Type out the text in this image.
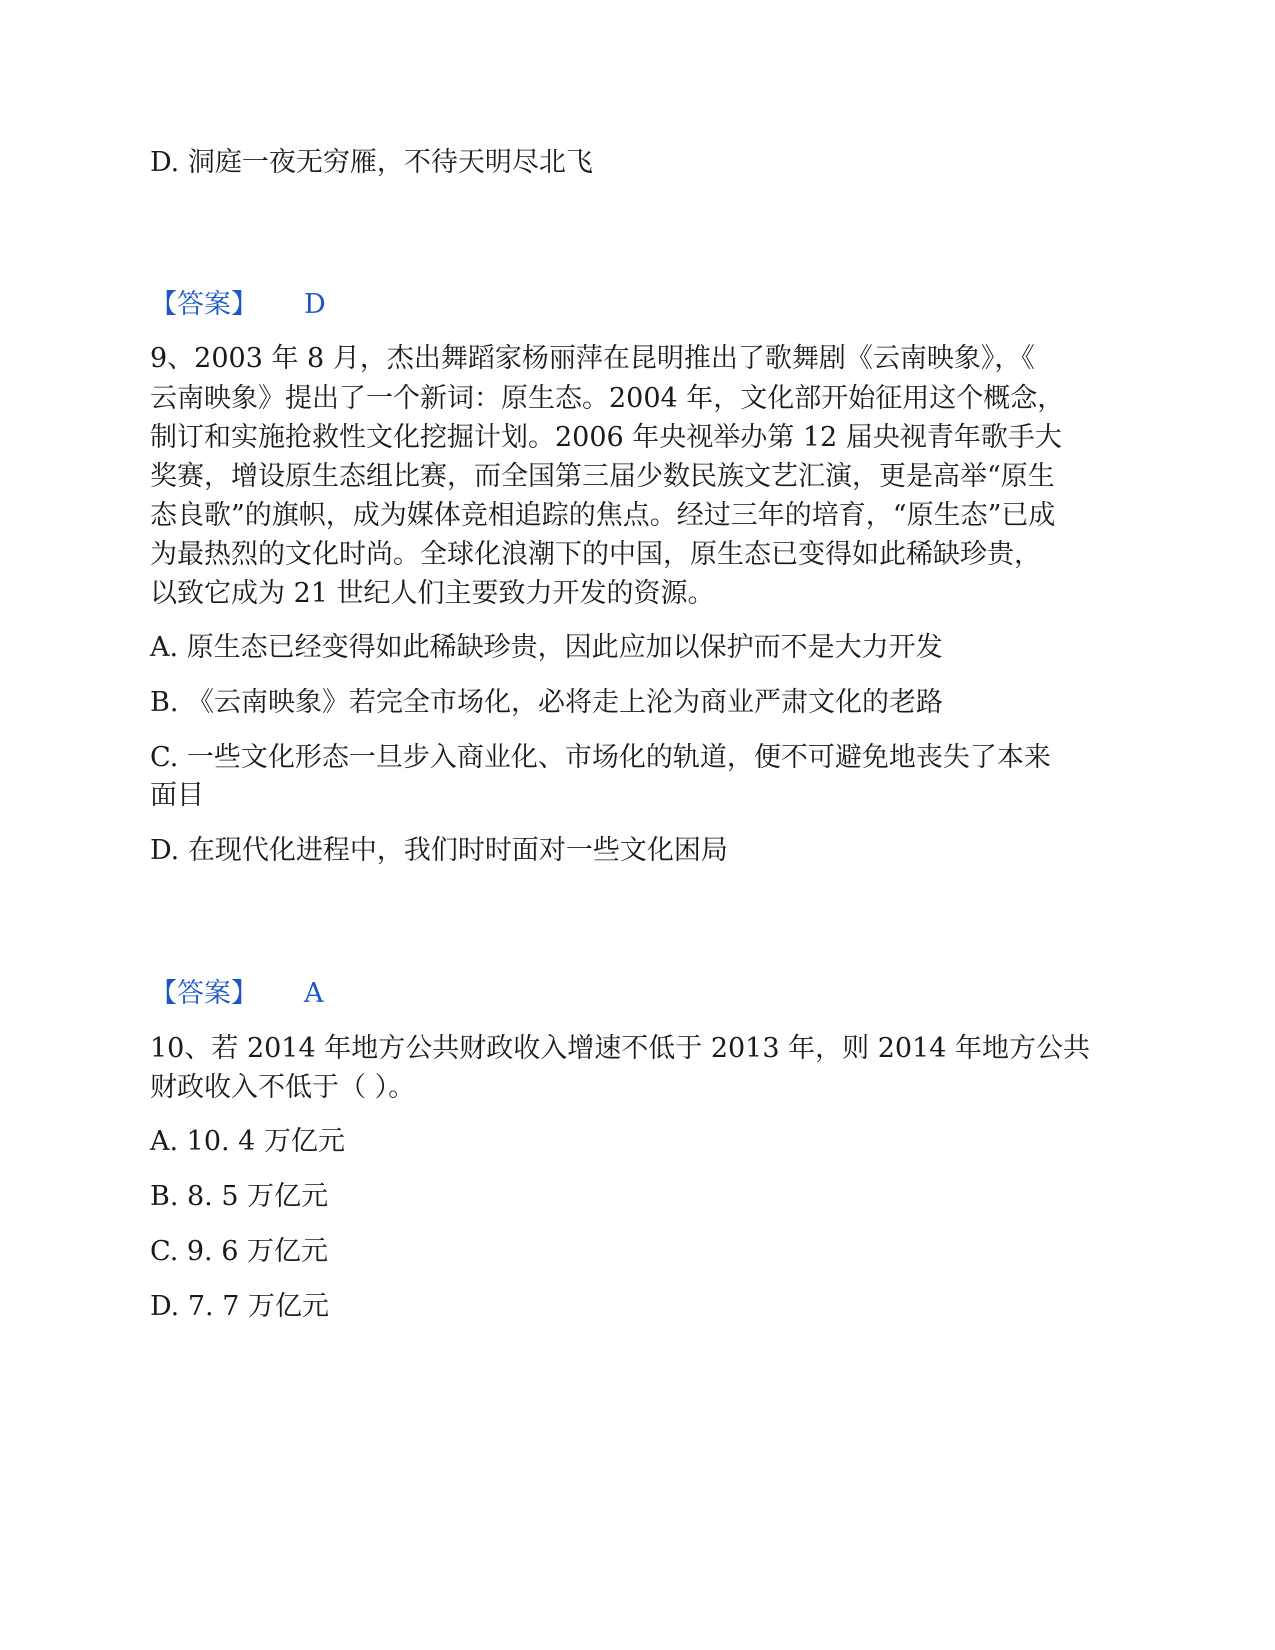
D. 洞庭一夜无穷雁，不待天明尽北飞
【答案】 D
9、2003 年 8 月，杰出舞蹈家杨丽萍在昆明推出了歌舞剧《云南映象》，《
云南映象》提出了一个新词：原生态。2004 年，文化部开始征用这个概念，
制订和实施抢救性文化挖掘计划。2006 年央视举办第 12 届央视青年歌手大
奖赛，增设原生态组比赛，而全国第三届少数民族文艺汇演，更是高举“原生
态良歌”的旗帜，成为媒体竞相追踪的焦点。经过三年的培育，“原生态”已成
为最热烈的文化时尚。全球化浪潮下的中国，原生态已变得如此稀缺珍贵，
以致它成为 21 世纪人们主要致力开发的资源。
A. 原生态已经变得如此稀缺珍贵，因此应加以保护而不是大力开发
B. 《云南映象》若完全市场化，必将走上沦为商业严肃文化的老路
C. 一些文化形态一旦步入商业化、市场化的轨道，便不可避免地丧失了本来
面目
D. 在现代化进程中，我们时时面对一些文化困局
【答案】 A
10、若 2014 年地方公共财政收入增速不低于 2013 年，则 2014 年地方公共
财政收入不低于（ ）。
A. 10. 4 万亿元
B. 8. 5 万亿元
C. 9. 6 万亿元
D. 7. 7 万亿元
